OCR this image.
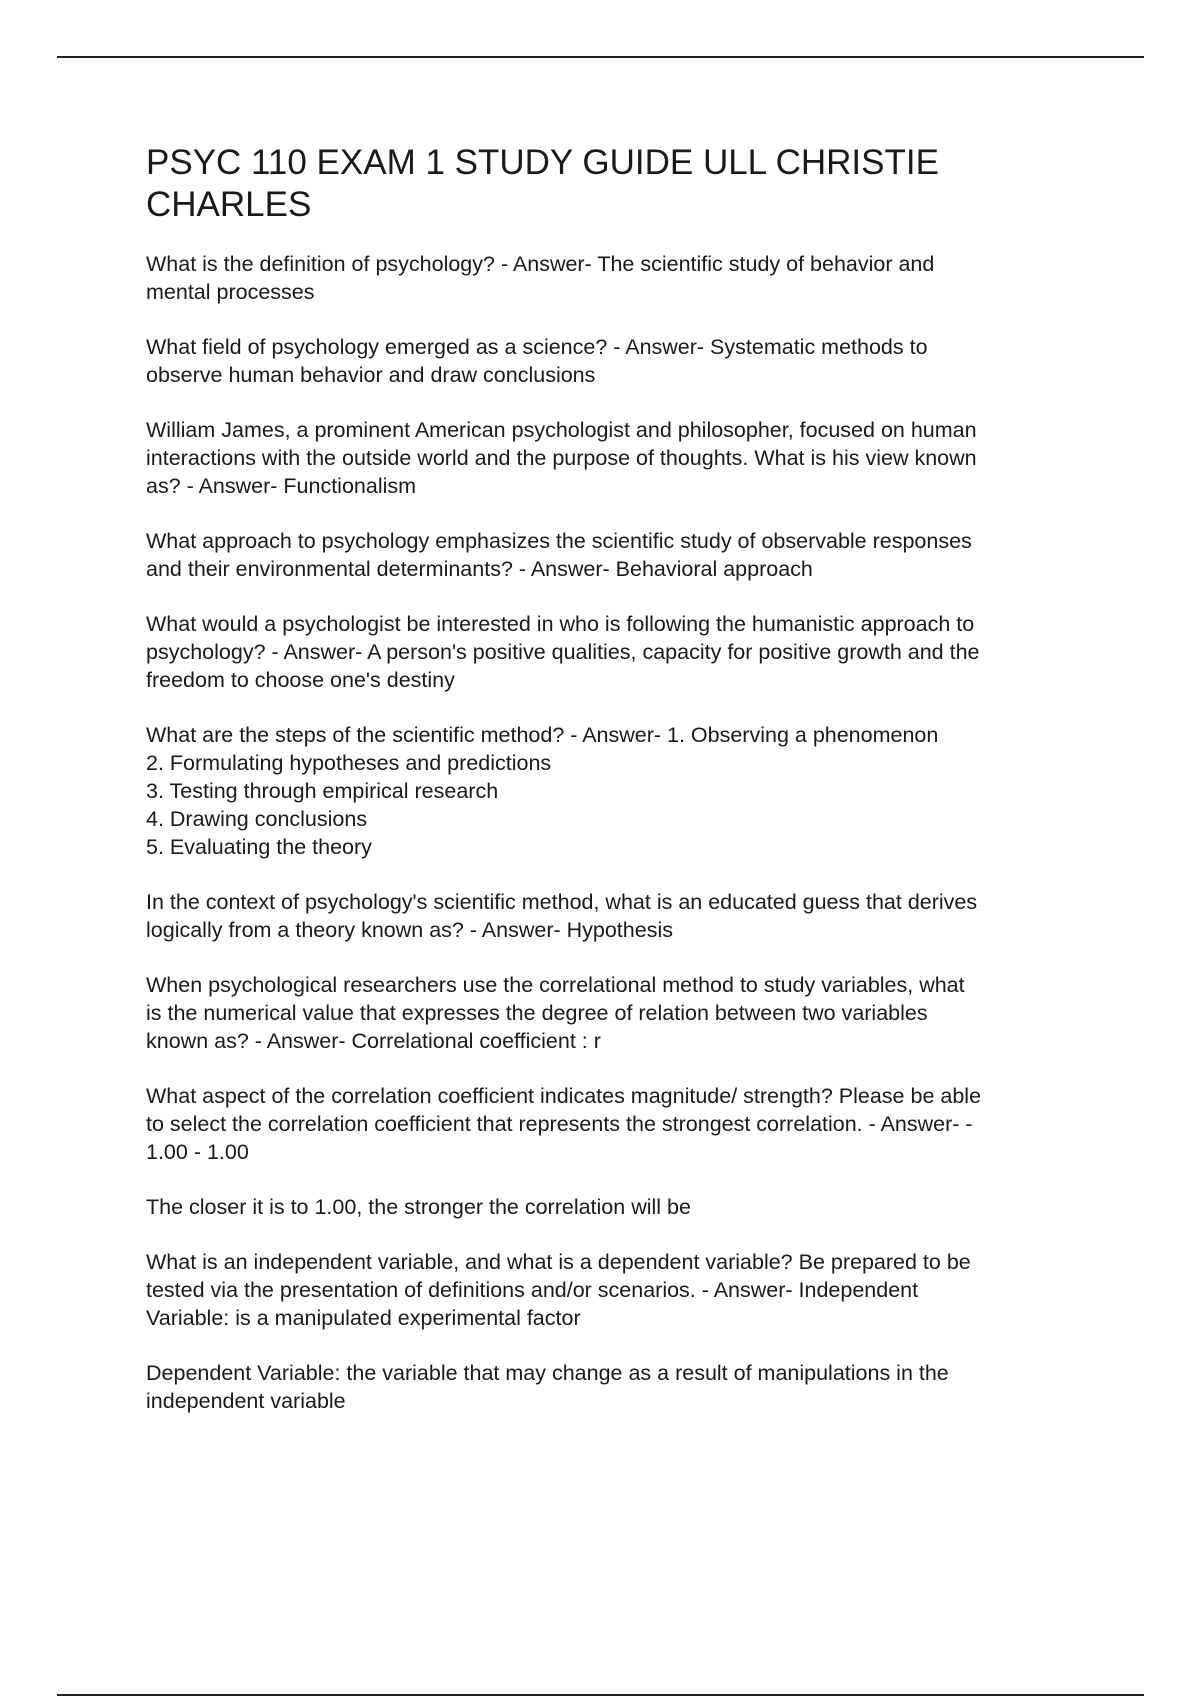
PSYC 110 EXAM 1 STUDY GUIDE ULL CHRISTIE
CHARLES
What is the definition of psychology? - Answer- The scientific study of behavior and
mental processes
What field of psychology emerged as a science? - Answer- Systematic methods to
observe human behavior and draw conclusions
William James, a prominent American psychologist and philosopher, focused on human
interactions with the outside world and the purpose of thoughts. What is his view known
as? - Answer- Functionalism
What approach to psychology emphasizes the scientific study of observable responses
and their environmental determinants? - Answer- Behavioral approach
What would a psychologist be interested in who is following the humanistic approach to
psychology? - Answer- A person's positive qualities, capacity for positive growth and the
freedom to choose one's destiny
What are the steps of the scientific method? - Answer- 1. Observing a phenomenon
2. Formulating hypotheses and predictions
3. Testing through empirical research
4. Drawing conclusions
5. Evaluating the theory
In the context of psychology's scientific method, what is an educated guess that derives
logically from a theory known as? - Answer- Hypothesis
When psychological researchers use the correlational method to study variables, what
is the numerical value that expresses the degree of relation between two variables
known as? - Answer- Correlational coefficient : r
What aspect of the correlation coefficient indicates magnitude/ strength? Please be able
to select the correlation coefficient that represents the strongest correlation. - Answer- -
1.00 - 1.00
The closer it is to 1.00, the stronger the correlation will be
What is an independent variable, and what is a dependent variable? Be prepared to be
tested via the presentation of definitions and/or scenarios. - Answer- Independent
Variable: is a manipulated experimental factor
Dependent Variable: the variable that may change as a result of manipulations in the
independent variable
